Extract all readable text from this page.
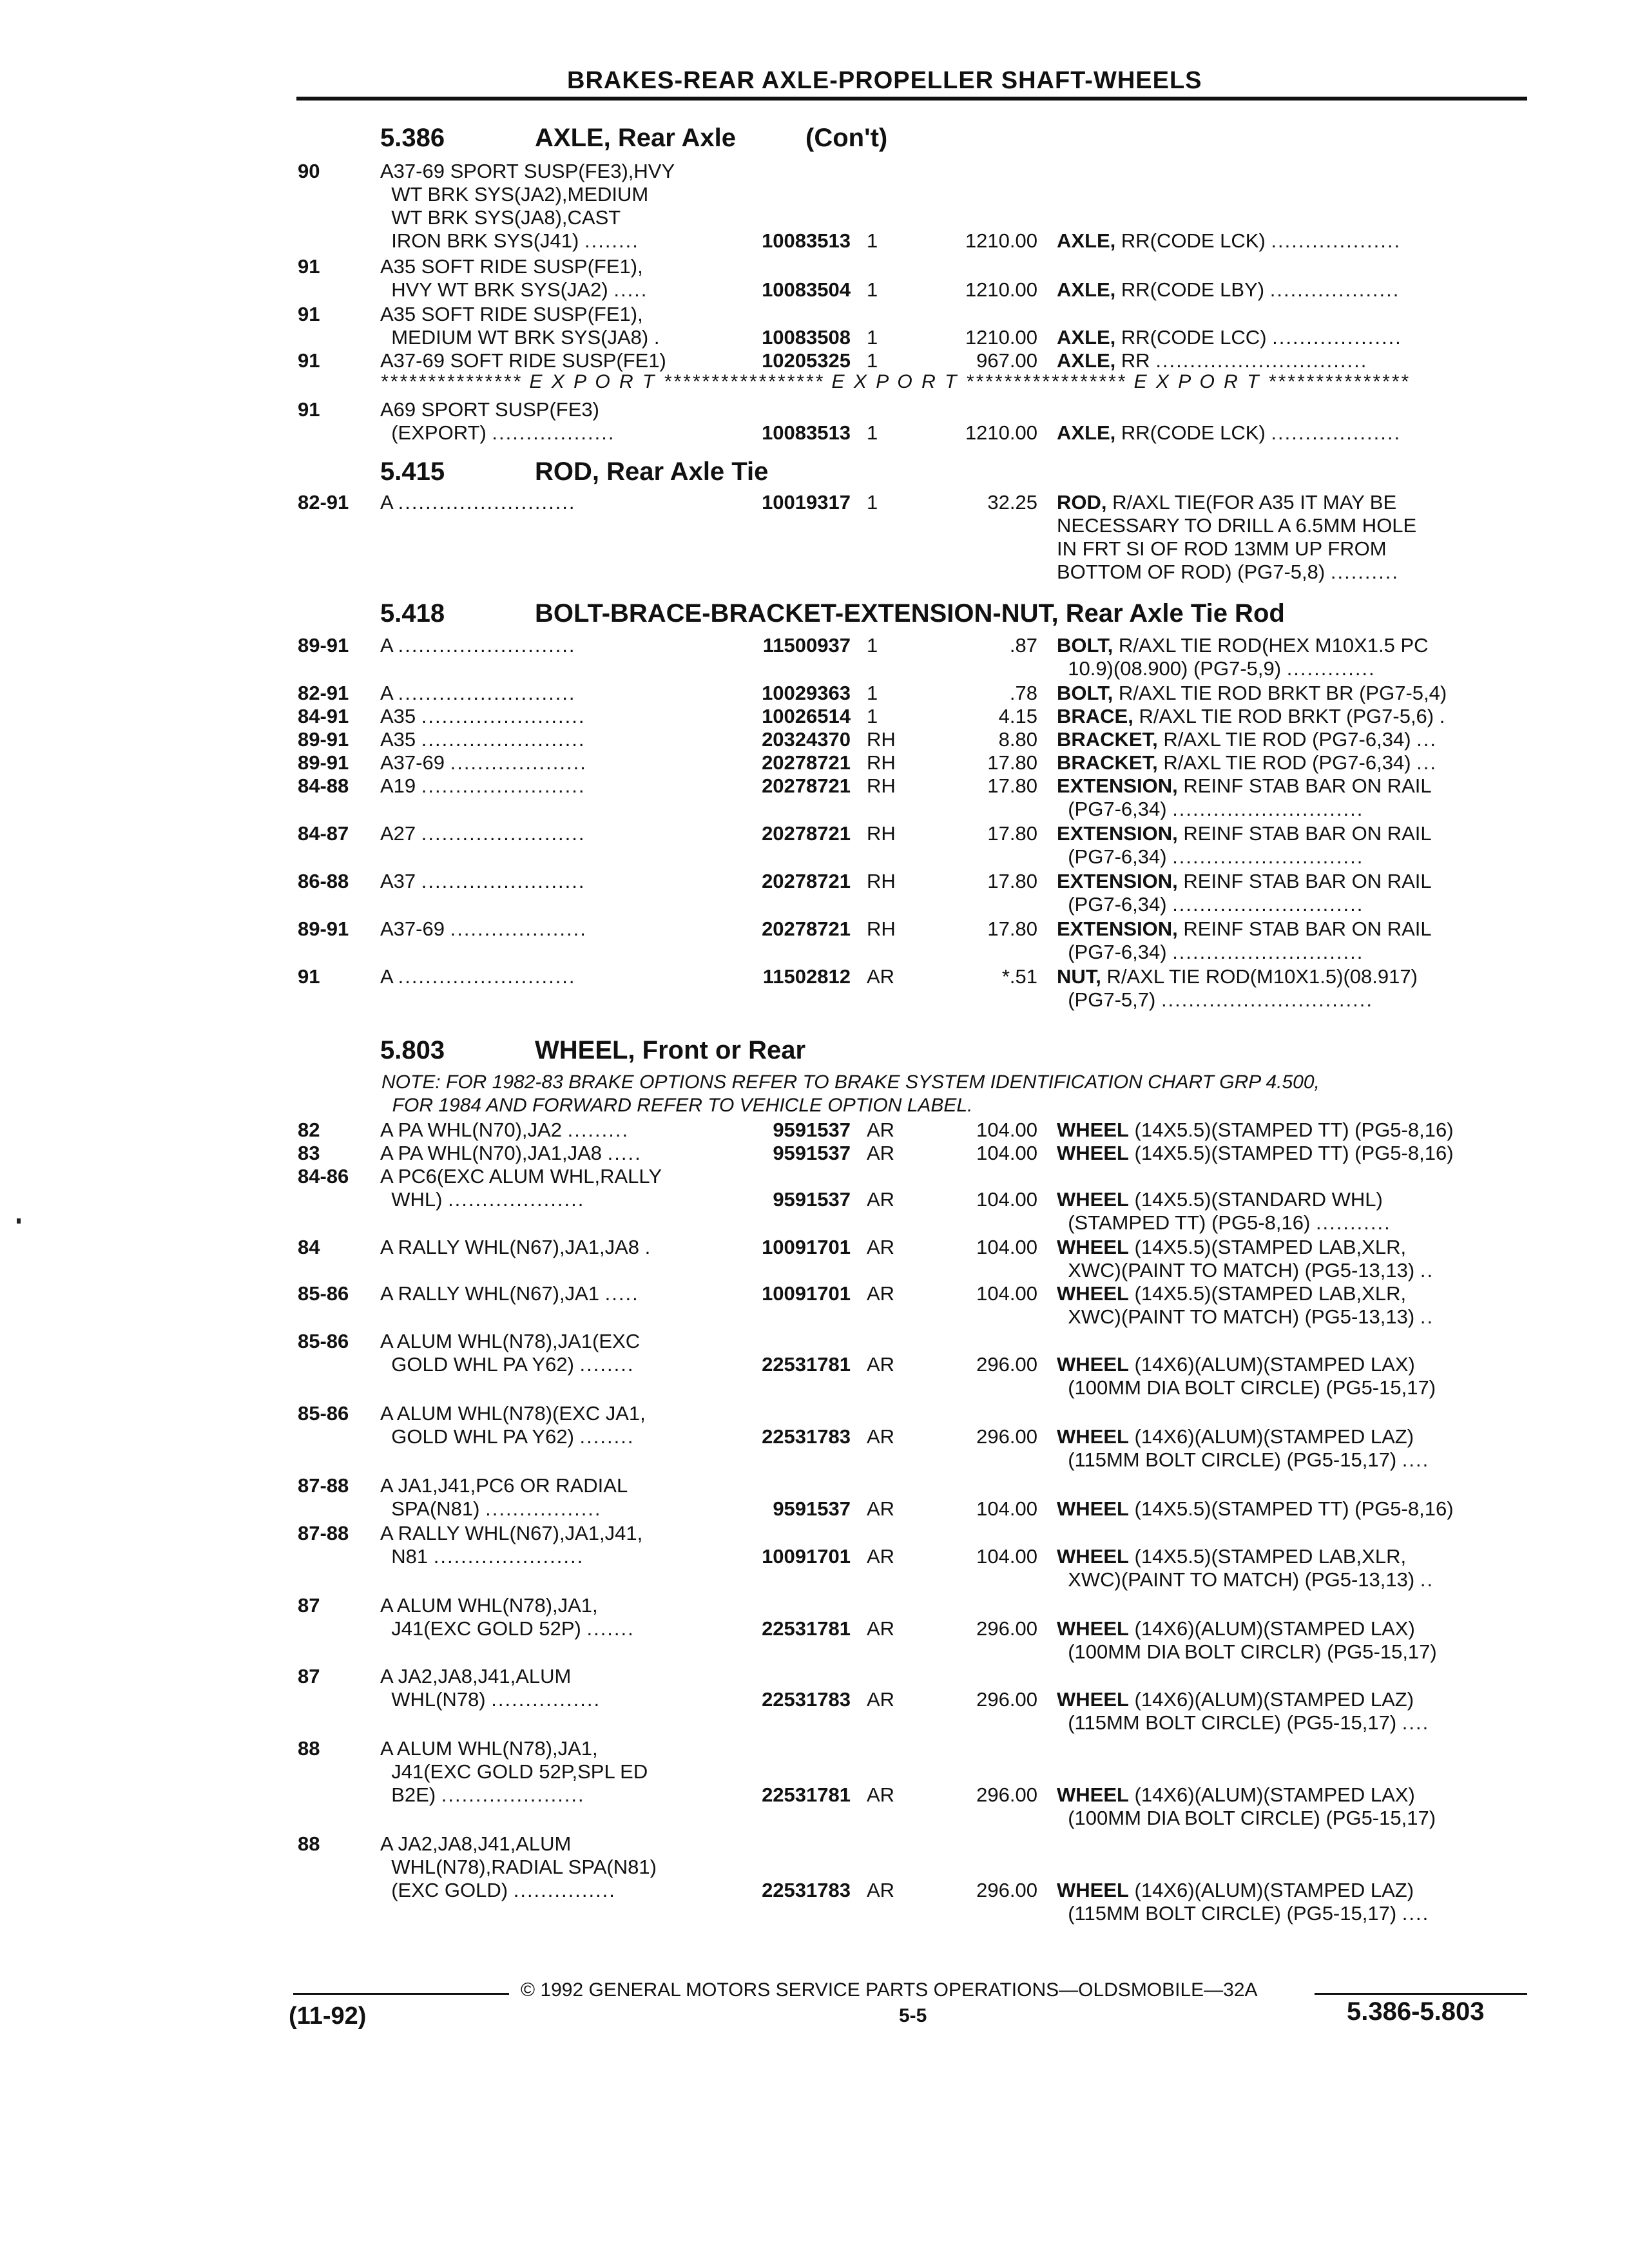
BRAKES-REAR AXLE-PROPELLER SHAFT-WHEELS
5.386	AXLE, Rear Axle	(Con't)
90	A37-69 SPORT SUSP(FE3),HVY
WT BRK SYS(JA2),MEDIUM
WT BRK SYS(JA8),CAST
IRON BRK SYS(J41) ........	10083513 1	1210.00 AXLE, RR(CODE LCK) ...................
91	A35 SOFT RIDE SUSP(FE1),
HVY WT BRK SYS(JA2) .....	10083504 1	1210.00 AXLE, RR(CODE LBY) ...................
91	A35 SOFT RIDE SUSP(FE1),
MEDIUM WT BRK SYS(JA8) .	10083508 1	1210.00 AXLE, RR(CODE LCC) ...................
91	A37-69 SOFT RIDE SUSP(FE1)	10205325 1	967.00 AXLE, RR ...............................
*************** E X P O R T ***************** E X P O R T ***************** E X P O R T ***************
91	A69 SPORT SUSP(FE3)
(EXPORT) ..................	10083513 1	1210.00 AXLE, RR(CODE LCK) ...................
5.415	ROD, Rear Axle Tie
82-91 A ..........................	10019317 1	32.25 ROD, R/AXL TIE(FOR A35 IT MAY BE
NECESSARY TO DRILL A 6.5MM HOLE
IN FRT SI OF ROD 13MM UP FROM
BOTTOM OF ROD) (PG7-5,8) ..........
5.418	BOLT-BRACE-BRACKET-EXTENSION-NUT, Rear Axle Tie Rod
89-91 A ..........................	11500937 1	.87 BOLT, R/AXL TIE ROD(HEX M10X1.5 PC
10.9)(08.900) (PG7-5,9) .............
82-91 A ..........................	10029363 1	.78 BOLT, R/AXL TIE ROD BRKT BR (PG7-5,4)
84-91 A35 ........................	10026514 1	4.15 BRACE, R/AXL TIE ROD BRKT (PG7-5,6) .
89-91 A35 ........................	20324370 RH	8.80 BRACKET, R/AXL TIE ROD (PG7-6,34) ...
89-91 A37-69 ....................	20278721 RH	17.80 BRACKET, R/AXL TIE ROD (PG7-6,34) ...
84-88 A19 ........................	20278721 RH	17.80 EXTENSION, REINF STAB BAR ON RAIL
(PG7-6,34) ............................
84-87 A27 ........................	20278721 RH	17.80 EXTENSION, REINF STAB BAR ON RAIL
(PG7-6,34) ............................
86-88 A37 ........................	20278721 RH	17.80 EXTENSION, REINF STAB BAR ON RAIL
(PG7-6,34) ............................
89-91 A37-69 ....................	20278721 RH	17.80 EXTENSION, REINF STAB BAR ON RAIL
(PG7-6,34) ............................
91	A ..........................	11502812 AR	*.51 NUT, R/AXL TIE ROD(M10X1.5)(08.917)
(PG7-5,7) ...............................
5.803	WHEEL, Front or Rear
NOTE: FOR 1982-83 BRAKE OPTIONS REFER TO BRAKE SYSTEM IDENTIFICATION CHART GRP 4.500,
FOR 1984 AND FORWARD REFER TO VEHICLE OPTION LABEL.
82	A PA WHL(N70),JA2 .........	9591537 AR	104.00 WHEEL (14X5.5)(STAMPED TT) (PG5-8,16)
83	A PA WHL(N70),JA1,JA8 .....	9591537 AR	104.00 WHEEL (14X5.5)(STAMPED TT) (PG5-8,16)
84-86 A PC6(EXC ALUM WHL,RALLY
WHL) ....................	9591537 AR	104.00 WHEEL (14X5.5)(STANDARD WHL)
(STAMPED TT) (PG5-8,16) ...........
84	A RALLY WHL(N67),JA1,JA8 .	10091701 AR	104.00 WHEEL (14X5.5)(STAMPED LAB,XLR,
XWC)(PAINT TO MATCH) (PG5-13,13) ..
85-86 A RALLY WHL(N67),JA1 .....	10091701 AR	104.00 WHEEL (14X5.5)(STAMPED LAB,XLR,
XWC)(PAINT TO MATCH) (PG5-13,13) ..
85-86 A ALUM WHL(N78),JA1(EXC
GOLD WHL PA Y62) ........	22531781 AR	296.00 WHEEL (14X6)(ALUM)(STAMPED LAX)
(100MM DIA BOLT CIRCLE) (PG5-15,17)
85-86 A ALUM WHL(N78)(EXC JA1,
GOLD WHL PA Y62) ........	22531783 AR	296.00 WHEEL (14X6)(ALUM)(STAMPED LAZ)
(115MM BOLT CIRCLE) (PG5-15,17) ....
87-88 A JA1,J41,PC6 OR RADIAL
SPA(N81) .................	9591537 AR	104.00 WHEEL (14X5.5)(STAMPED TT) (PG5-8,16)
87-88 A RALLY WHL(N67),JA1,J41,
N81 ......................	10091701 AR	104.00 WHEEL (14X5.5)(STAMPED LAB,XLR,
XWC)(PAINT TO MATCH) (PG5-13,13) ..
87	A ALUM WHL(N78),JA1,
J41(EXC GOLD 52P) .......	22531781 AR	296.00 WHEEL (14X6)(ALUM)(STAMPED LAX)
(100MM DIA BOLT CIRCLR) (PG5-15,17)
87	A JA2,JA8,J41,ALUM
WHL(N78) ................	22531783 AR	296.00 WHEEL (14X6)(ALUM)(STAMPED LAZ)
(115MM BOLT CIRCLE) (PG5-15,17) ....
88	A ALUM WHL(N78),JA1,
J41(EXC GOLD 52P,SPL ED
B2E) .....................	22531781 AR	296.00 WHEEL (14X6)(ALUM)(STAMPED LAX)
(100MM DIA BOLT CIRCLE) (PG5-15,17)
88	A JA2,JA8,J41,ALUM
WHL(N78),RADIAL SPA(N81)
(EXC GOLD) ...............	22531783 AR	296.00 WHEEL (14X6)(ALUM)(STAMPED LAZ)
(115MM BOLT CIRCLE) (PG5-15,17) ....
© 1992 GENERAL MOTORS SERVICE PARTS OPERATIONS—OLDSMOBILE—32A
(11-92)	5-5	5.386-5.803
